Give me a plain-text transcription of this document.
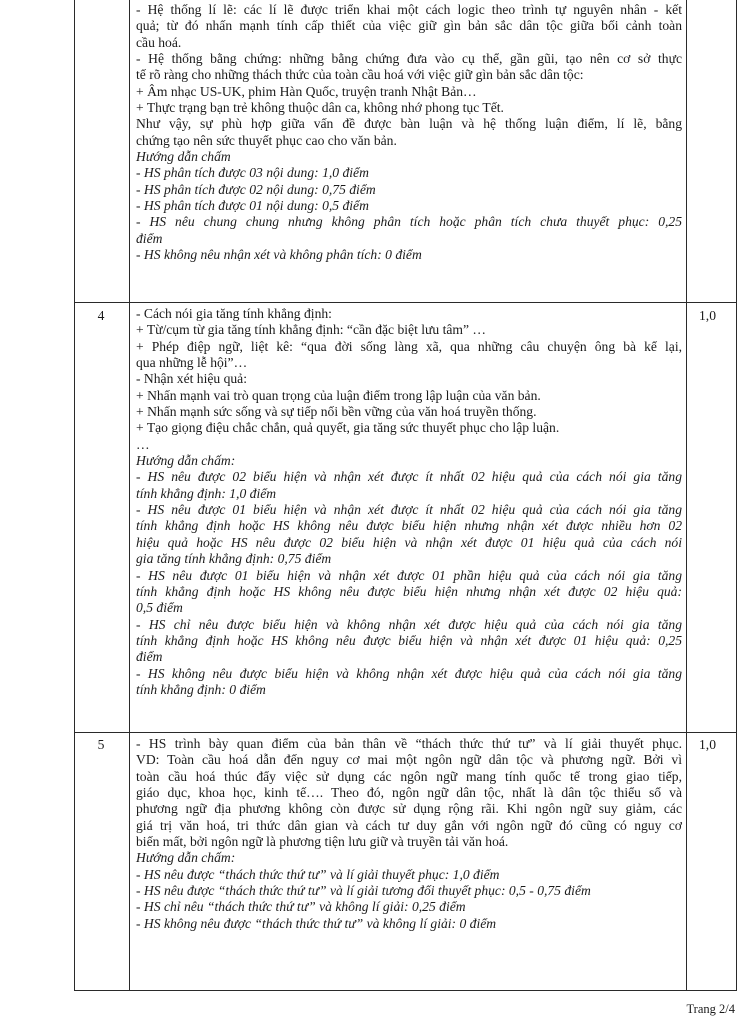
- Hệ thống lí lẽ: các lí lẽ được triển khai một cách logic theo trình tự nguyên nhân - kết
quả; từ đó nhấn mạnh tính cấp thiết của việc giữ gìn bản sắc dân tộc giữa bối cảnh toàn
cầu hoá.
- Hệ thống bằng chứng: những bằng chứng đưa vào cụ thể, gần gũi, tạo nên cơ sở thực
tế rõ ràng cho những thách thức của toàn cầu hoá với việc giữ gìn bản sắc dân tộc:
+ Âm nhạc US-UK, phim Hàn Quốc, truyện tranh Nhật Bản…
+ Thực trạng bạn trẻ không thuộc dân ca, không nhớ phong tục Tết.
Như vậy, sự phù hợp giữa vấn đề được bàn luận và hệ thống luận điểm, lí lẽ, bằng
chứng tạo nên sức thuyết phục cao cho văn bản.
Hướng dẫn chấm
- HS phân tích được 03 nội dung: 1,0 điểm
- HS phân tích được 02 nội dung: 0,75 điểm
- HS phân tích được 01 nội dung: 0,5 điểm
- HS nêu chung chung nhưng không phân tích hoặc phân tích chưa thuyết phục: 0,25
điểm
- HS không nêu nhận xét và không phân tích: 0 điểm
4	- Cách nói gia tăng tính khẳng định:
+ Từ/cụm từ gia tăng tính khẳng định: “cần đặc biệt lưu tâm” …
+ Phép điệp ngữ, liệt kê: “qua đời sống làng xã, qua những câu chuyện ông bà kể lại,
qua những lễ hội”…
- Nhận xét hiệu quả:
+ Nhấn mạnh vai trò quan trọng của luận điểm trong lập luận của văn bản.
+ Nhấn mạnh sức sống và sự tiếp nối bền vững của văn hoá truyền thống.
+ Tạo giọng điệu chắc chắn, quả quyết, gia tăng sức thuyết phục cho lập luận.
…
Hướng dẫn chấm:
- HS nêu được 02 biểu hiện và nhận xét được ít nhất 02 hiệu quả của cách nói gia tăng
tính khẳng định: 1,0 điểm
- HS nêu được 01 biểu hiện và nhận xét được ít nhất 02 hiệu quả của cách nói gia tăng
tính khẳng định hoặc HS không nêu được biểu hiện nhưng nhận xét được nhiều hơn 02
hiệu quả hoặc HS nêu được 02 biểu hiện và nhận xét được 01 hiệu quả của cách nói
gia tăng tính khẳng định: 0,75 điểm
- HS nêu được 01 biểu hiện và nhận xét được 01 phần hiệu quả của cách nói gia tăng
tính khẳng định hoặc HS không nêu được biểu hiện nhưng nhận xét được 02 hiệu quả:
0,5 điểm
- HS chỉ nêu được biểu hiện và không nhận xét được hiệu quả của cách nói gia tăng
tính khẳng định hoặc HS không nêu được biểu hiện và nhận xét được 01 hiệu quả: 0,25
điểm
- HS không nêu được biểu hiện và không nhận xét được hiệu quả của cách nói gia tăng
tính khẳng định: 0 điểm
1,0
5	- HS trình bày quan điểm của bản thân về “thách thức thứ tư” và lí giải thuyết phục.
VD: Toàn cầu hoá dẫn đến nguy cơ mai một ngôn ngữ dân tộc và phương ngữ. Bởi vì
toàn cầu hoá thúc đẩy việc sử dụng các ngôn ngữ mang tính quốc tế trong giao tiếp,
giáo dục, khoa học, kinh tế…. Theo đó, ngôn ngữ dân tộc, nhất là dân tộc thiểu số và
phương ngữ địa phương không còn được sử dụng rộng rãi. Khi ngôn ngữ suy giảm, các
giá trị văn hoá, tri thức dân gian và cách tư duy gắn với ngôn ngữ đó cũng có nguy cơ
biến mất, bởi ngôn ngữ là phương tiện lưu giữ và truyền tải văn hoá.
Hướng dẫn chấm:
- HS nêu được “thách thức thứ tư” và lí giải thuyết phục: 1,0 điểm
- HS nêu được “thách thức thứ tư” và lí giải tương đối thuyết phục: 0,5 - 0,75 điểm
- HS chỉ nêu “thách thức thứ tư” và không lí giải: 0,25 điểm
- HS không nêu được “thách thức thứ tư” và không lí giải: 0 điểm
1,0
Trang 2/4
